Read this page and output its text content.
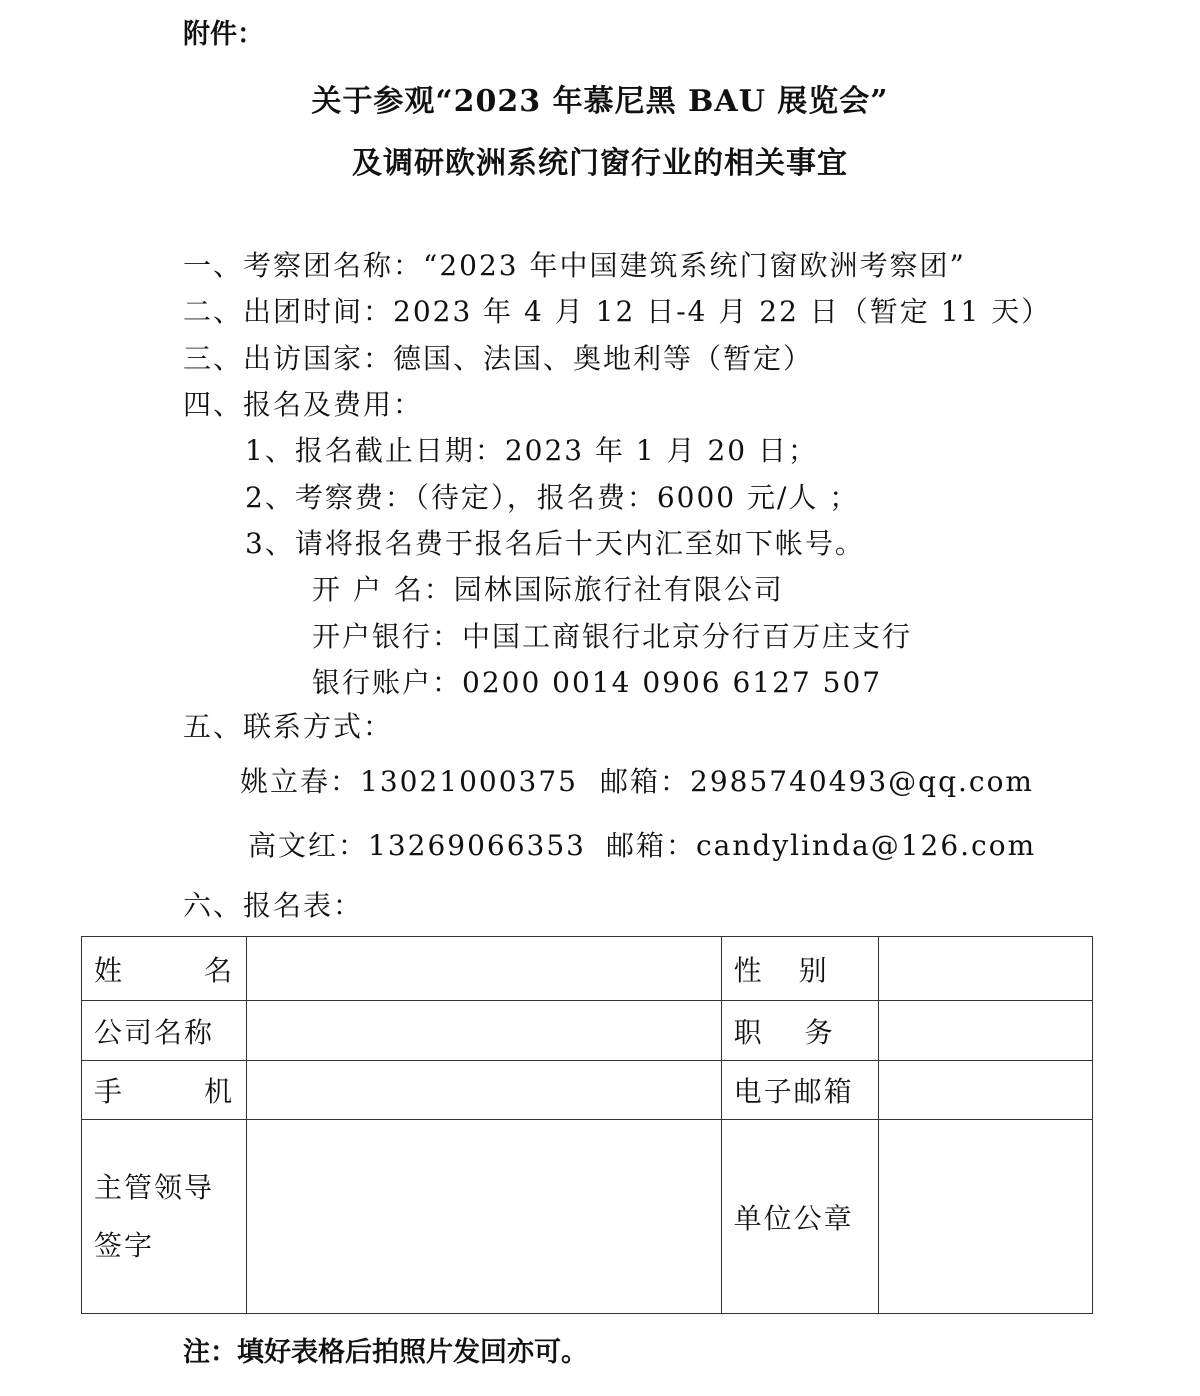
附件：
关于参观“2023 年慕尼黑 BAU 展览会”
及调研欧洲系统门窗行业的相关事宜
一、考察团名称：“2023 年中国建筑系统门窗欧洲考察团”
二、出团时间：2023 年 4 月 12 日-4 月 22 日（暂定 11 天）
三、出访国家：德国、法国、奥地利等（暂定）
四、报名及费用：
1、报名截止日期：2023 年 1 月 20 日；
2、考察费：（待定），报名费：6000 元/人 ；
3、请将报名费于报名后十天内汇至如下帐号。
开 户 名：园林国际旅行社有限公司
开户银行：中国工商银行北京分行百万庄支行
银行账户：0200 0014 0906 6127 507
五、联系方式：
姚立春：13021000375 邮箱：2985740493@qq.com
高文红：13269066353 邮箱：candylinda@126.com
六、报名表：
姓 名		性 别	

公司名称		职 务	

手 机		电子邮箱	

主管领导
签字		单位公章	
注：填好表格后拍照片发回亦可。
